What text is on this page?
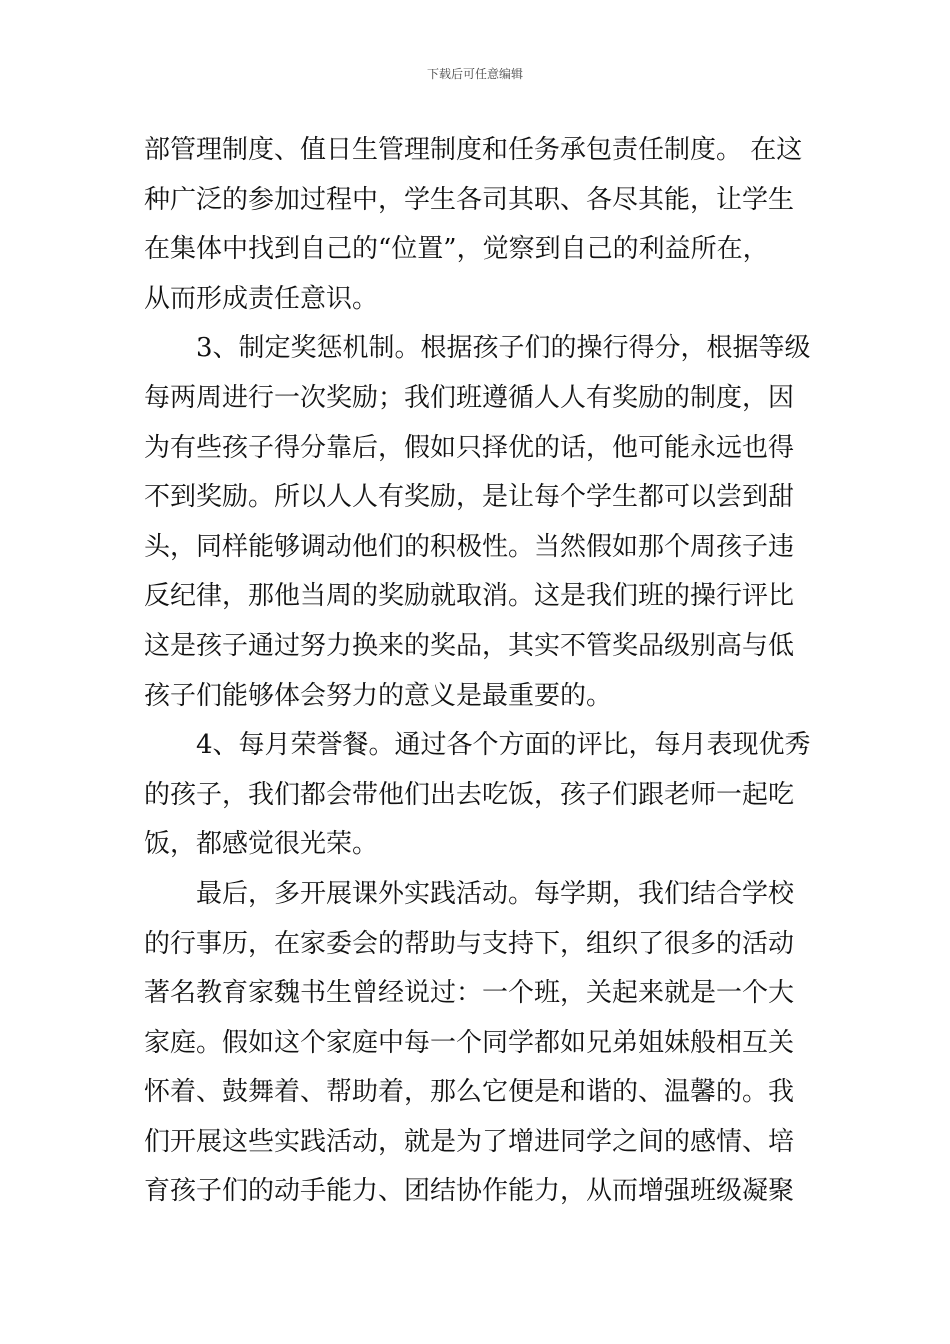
下载后可任意编辑
部管理制度、值日生管理制度和任务承包责任制度。 在这
种广泛的参加过程中，学生各司其职、各尽其能，让学生
在集体中找到自己的“位置”，觉察到自己的利益所在，
从而形成责任意识。
3、制定奖惩机制。根据孩子们的操行得分，根据等级
每两周进行一次奖励；我们班遵循人人有奖励的制度，因
为有些孩子得分靠后，假如只择优的话，他可能永远也得
不到奖励。所以人人有奖励，是让每个学生都可以尝到甜
头，同样能够调动他们的积极性。当然假如那个周孩子违
反纪律，那他当周的奖励就取消。这是我们班的操行评比
这是孩子通过努力换来的奖品，其实不管奖品级别高与低
孩子们能够体会努力的意义是最重要的。
4、每月荣誉餐。通过各个方面的评比，每月表现优秀
的孩子，我们都会带他们出去吃饭，孩子们跟老师一起吃
饭，都感觉很光荣。
最后，多开展课外实践活动。每学期，我们结合学校
的行事历，在家委会的帮助与支持下，组织了很多的活动
著名教育家魏书生曾经说过：一个班，关起来就是一个大
家庭。假如这个家庭中每一个同学都如兄弟姐妹般相互关
怀着、鼓舞着、帮助着，那么它便是和谐的、温馨的。我
们开展这些实践活动，就是为了增进同学之间的感情、培
育孩子们的动手能力、团结协作能力，从而增强班级凝聚
